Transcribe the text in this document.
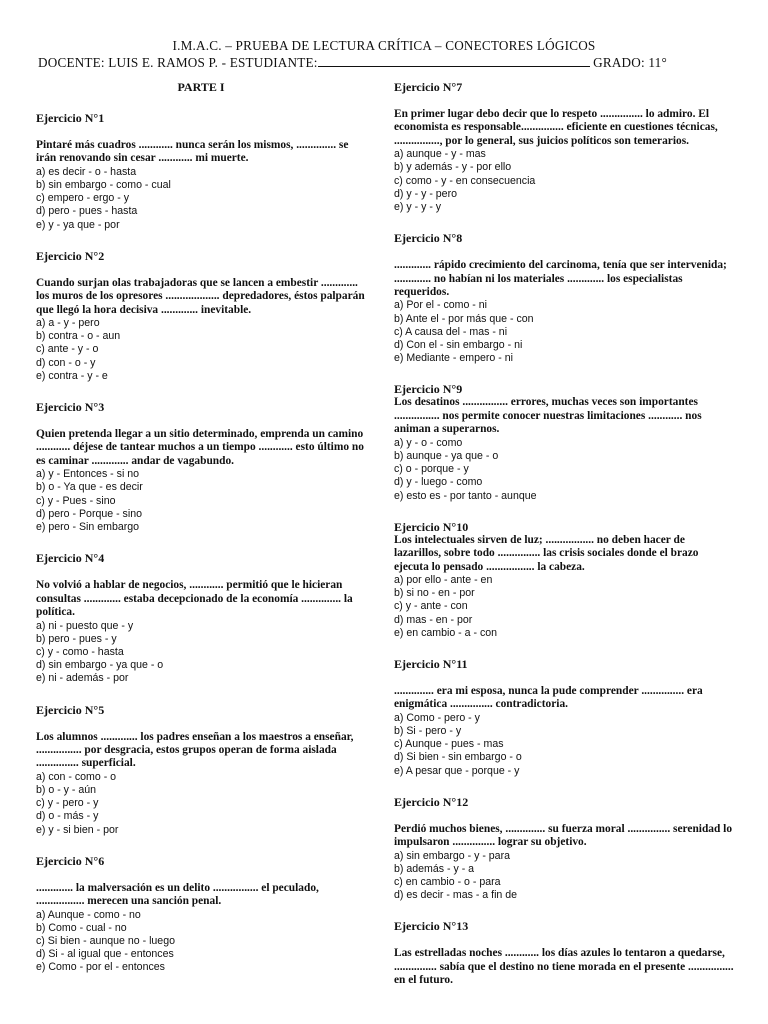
I.M.A.C. – PRUEBA DE LECTURA CRÍTICA – CONECTORES LÓGICOS
DOCENTE: LUIS E. RAMOS P. - ESTUDIANTE:	GRADO: 11°
PARTE I
Ejercicio N°1
Pintaré más cuadros ............ nunca serán los mismos, .............. se irán renovando sin cesar ............ mi muerte.
a) es decir - o - hasta
b) sin embargo - como - cual
c) empero - ergo - y
d) pero - pues - hasta
e) y - ya que - por
Ejercicio N°2
Cuando surjan olas trabajadoras que se lancen a embestir ............. los muros de los opresores ................... depredadores, éstos palparán que llegó la hora decisiva ............. inevitable.
a) a - y - pero
b) contra - o - aun
c) ante - y - o
d) con - o - y
e) contra - y - e
Ejercicio N°3
Quien pretenda llegar a un sitio determinado, emprenda un camino ............ déjese de tantear muchos a un tiempo ............ esto último no es caminar ............. andar de vagabundo.
a) y - Entonces - si no
b) o - Ya que - es decir
c) y - Pues - sino
d) pero - Porque - sino
e) pero - Sin embargo
Ejercicio N°4
No volvió a hablar de negocios, ............ permitió que le hicieran consultas ............. estaba decepcionado de la economía .............. la política.
a) ni - puesto que - y
b) pero - pues - y
c) y - como - hasta
d) sin embargo - ya que - o
e) ni - además - por
Ejercicio N°5
Los alumnos ............. los padres enseñan a los maestros a enseñar, ................ por desgracia, estos grupos operan de forma aislada ............... superficial.
a) con - como - o
b) o - y - aún
c) y - pero - y
d) o - más - y
e) y - si bien - por
Ejercicio N°6
............. la malversación es un delito ................ el peculado, ................. merecen una sanción penal.
a) Aunque - como - no
b) Como - cual - no
c) Si bien - aunque no - luego
d) Si - al igual que - entonces
e) Como - por el - entonces
Ejercicio N°7
En primer lugar debo decir que lo respeto ............... lo admiro. El economista es responsable............... eficiente en cuestiones técnicas, ................, por lo general, sus juicios políticos son temerarios.
a) aunque - y - mas
b) y además - y - por ello
c) como - y - en consecuencia
d) y - y - pero
e) y - y - y
Ejercicio N°8
............. rápido crecimiento del carcinoma, tenía que ser intervenida; ............. no habían ni los materiales ............. los especialistas requeridos.
a) Por el - como - ni
b) Ante el - por más que - con
c) A causa del - mas - ni
d) Con el - sin embargo - ni
e) Mediante - empero - ni
Ejercicio N°9
Los desatinos ................ errores, muchas veces son importantes ................ nos permite conocer nuestras limitaciones ............ nos animan a superarnos.
a) y - o - como
b) aunque - ya que - o
c) o - porque - y
d) y - luego - como
e) esto es - por tanto - aunque
Ejercicio N°10
Los intelectuales sirven de luz; ................. no deben hacer de lazarillos, sobre todo ............... las crisis sociales donde el brazo ejecuta lo pensado ................. la cabeza.
a) por ello - ante - en
b) si no - en - por
c) y - ante - con
d) mas - en - por
e) en cambio - a - con
Ejercicio N°11
.............. era mi esposa, nunca la pude comprender ............... era enigmática ............... contradictoria.
a) Como - pero - y
b) Si - pero - y
c) Aunque - pues - mas
d) Si bien - sin embargo - o
e) A pesar que - porque - y
Ejercicio N°12
Perdió muchos bienes, .............. su fuerza moral ............... serenidad lo impulsaron ............... lograr su objetivo.
a) sin embargo - y - para
b) además - y - a
c) en cambio - o - para
d) es decir - mas - a fin de
Ejercicio N°13
Las estrelladas noches ............ los días azules lo tentaron a quedarse, ............... sabía que el destino no tiene morada en el presente ................ en el futuro.
